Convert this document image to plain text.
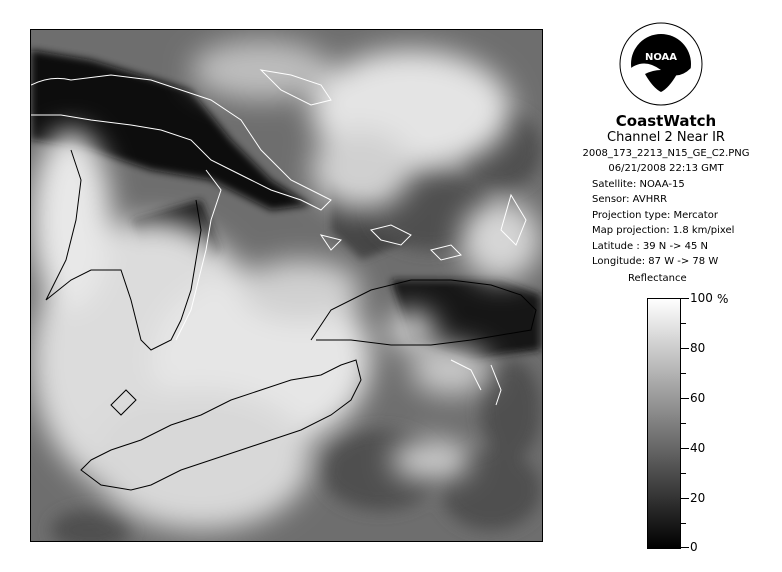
NOAA
CoastWatch
Channel 2 Near IR
2008_173_2213_N15_GE_C2.PNG
06/21/2008 22:13 GMT
Satellite: NOAA-15
Sensor: AVHRR
Projection type: Mercator
Map projection: 1.8 km/pixel
Latitude : 39 N -> 45 N
Longitude: 87 W -> 78 W
Reflectance
%
100
80
60
40
20
0
